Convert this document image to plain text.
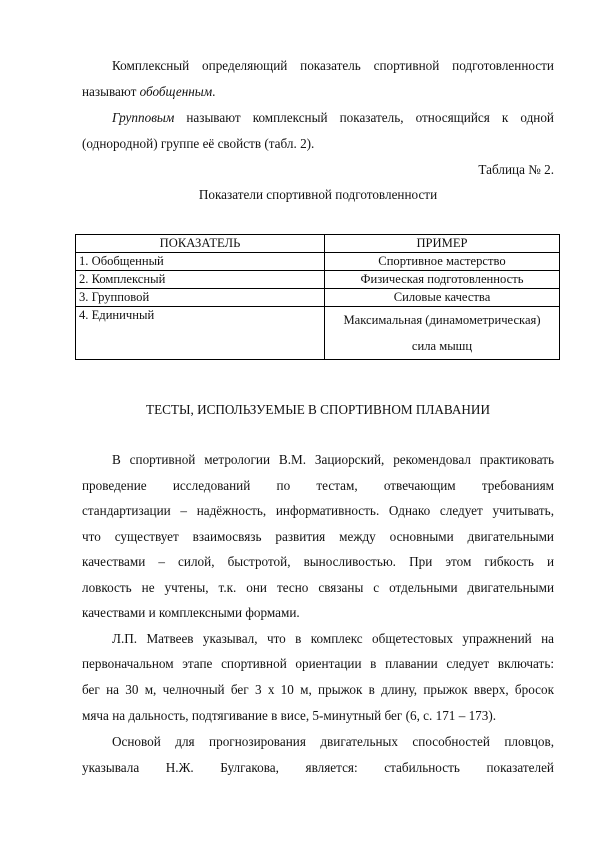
Комплексный определяющий показатель спортивной подготовленности
называют обобщенным.
Групповым называют комплексный показатель, относящийся к одной
(однородной) группе её свойств (табл. 2).
Таблица № 2.
Показатели спортивной подготовленности
ПОКАЗАТЕЛЬ	ПРИМЕР
1. Обобщенный	Спортивное мастерство
2. Комплексный	Физическая подготовленность
3. Групповой	Силовые качества
4. Единичный	Максимальная (динамометрическая)
сила мышц
ТЕСТЫ, ИСПОЛЬЗУЕМЫЕ В СПОРТИВНОМ ПЛАВАНИИ
В спортивной метрологии В.М. Зациорский, рекомендовал практиковать
проведение исследований по тестам, отвечающим требованиям
стандартизации – надёжность, информативность. Однако следует учитывать,
что существует взаимосвязь развития между основными двигательными
качествами – силой, быстротой, выносливостью. При этом гибкость и
ловкость не учтены, т.к. они тесно связаны с отдельными двигательными
качествами и комплексными формами.
Л.П. Матвеев указывал, что в комплекс общетестовых упражнений на
первоначальном этапе спортивной ориентации в плавании следует включать:
бег на 30 м, челночный бег 3 х 10 м, прыжок в длину, прыжок вверх, бросок
мяча на дальность, подтягивание в висе, 5-минутный бег (6, с. 171 – 173).
Основой для прогнозирования двигательных способностей пловцов,
указывала Н.Ж. Булгакова, является: стабильность показателей
